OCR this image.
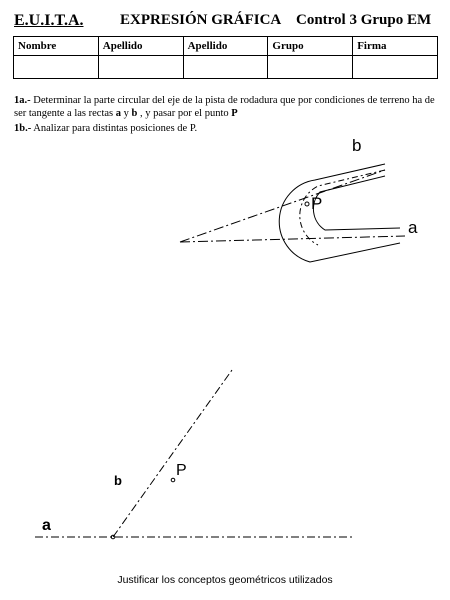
E.U.I.T.A. EXPRESIÓN GRÁFICA Control 3 Grupo EM
Nombre	Apellido	Apellido	Grupo	Firma

1a.- Determinar la parte circular del eje de la pista de rodadura que por condiciones de terreno ha de ser tangente a las rectas a y b , y pasar por el punto P
1b.- Analizar para distintas posiciones de P.
b
a
P
b
a
P
Justificar los conceptos geométricos utilizados
